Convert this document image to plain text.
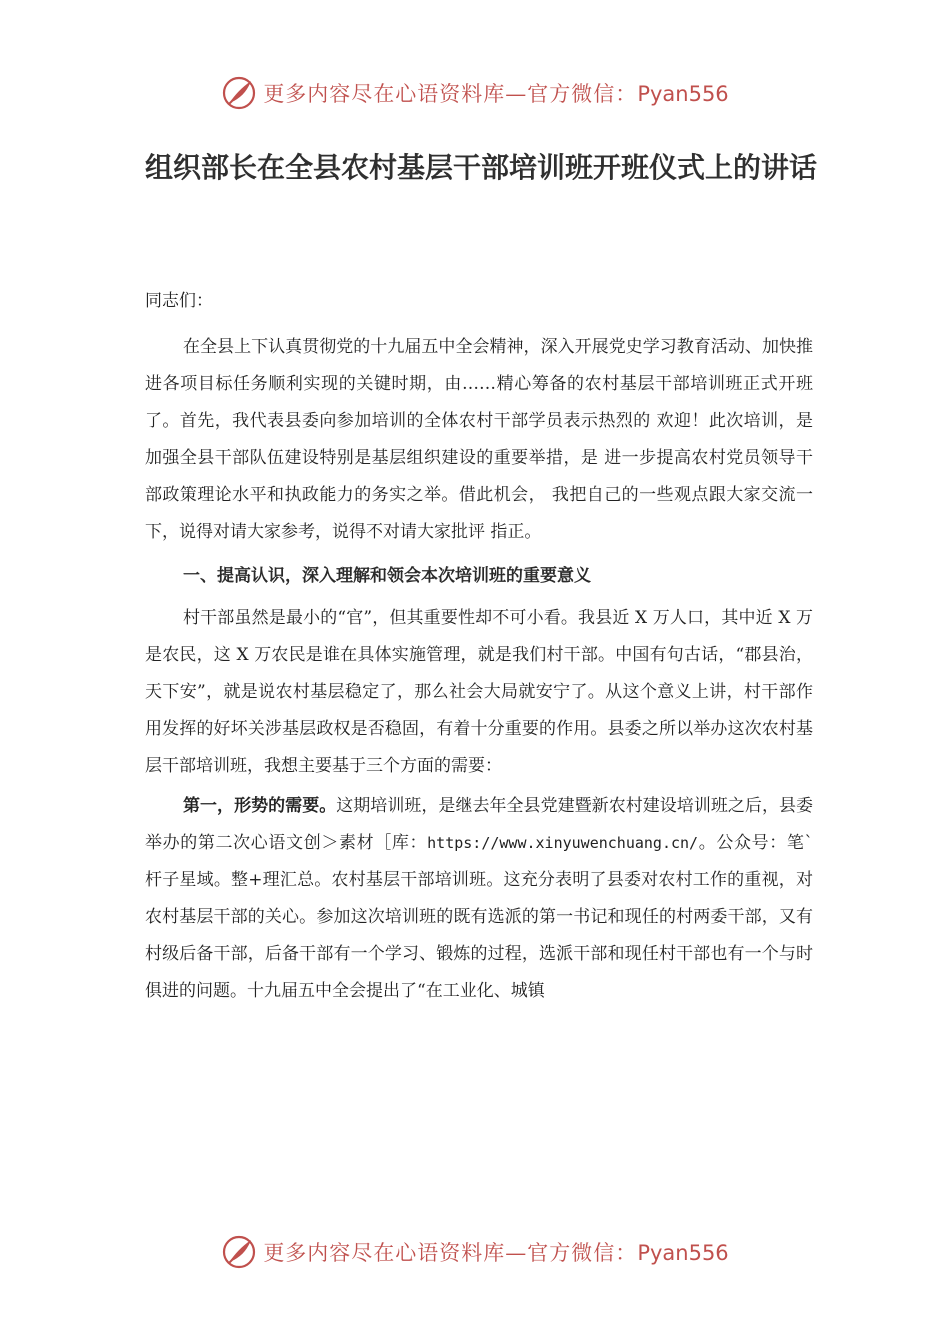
更多内容尽在心语资料库—官方微信：Pyan556
组织部长在全县农村基层干部培训班开班仪式上的讲话

同志们：

在全县上下认真贯彻党的十九届五中全会精神，深入开展党史学习教育活动、加快推进各项目标任务顺利实现的关键时期，由……精心筹备的农村基层干部培训班正式开班了。首先，我代表县委向参加培训的全体农村干部学员表示热烈的 欢迎！此次培训，是加强全县干部队伍建设特别是基层组织建设的重要举措，是 进一步提高农村党员领导干部政策理论水平和执政能力的务实之举。借此机会， 我把自己的一些观点跟大家交流一下，说得对请大家参考，说得不对请大家批评 指正。

一、提高认识，深入理解和领会本次培训班的重要意义

村干部虽然是最小的“官”，但其重要性却不可小看。我县近 X 万人口，其中近 X 万是农民，这 X 万农民是谁在具体实施管理，就是我们村干部。中国有句古话，“郡县治，天下安”，就是说农村基层稳定了，那么社会大局就安宁了。从这个意义上讲，村干部作用发挥的好坏关涉基层政权是否稳固，有着十分重要的作用。县委之所以举办这次农村基层干部培训班，我想主要基于三个方面的需要：

第一，形势的需要。这期培训班，是继去年全县党建暨新农村建设培训班之后，县委举办的第二次心语文创＞素材［库：https://www.xinyuwenchuang.cn/。公众号：笔`杆子星域。整+理汇总。农村基层干部培训班。这充分表明了县委对农村工作的重视，对农村基层干部的关心。参加这次培训班的既有选派的第一书记和现任的村两委干部，又有村级后备干部，后备干部有一个学习、锻炼的过程，选派干部和现任村干部也有一个与时俱进的问题。十九届五中全会提出了“在工业化、城镇

更多内容尽在心语资料库—官方微信：Pyan556
